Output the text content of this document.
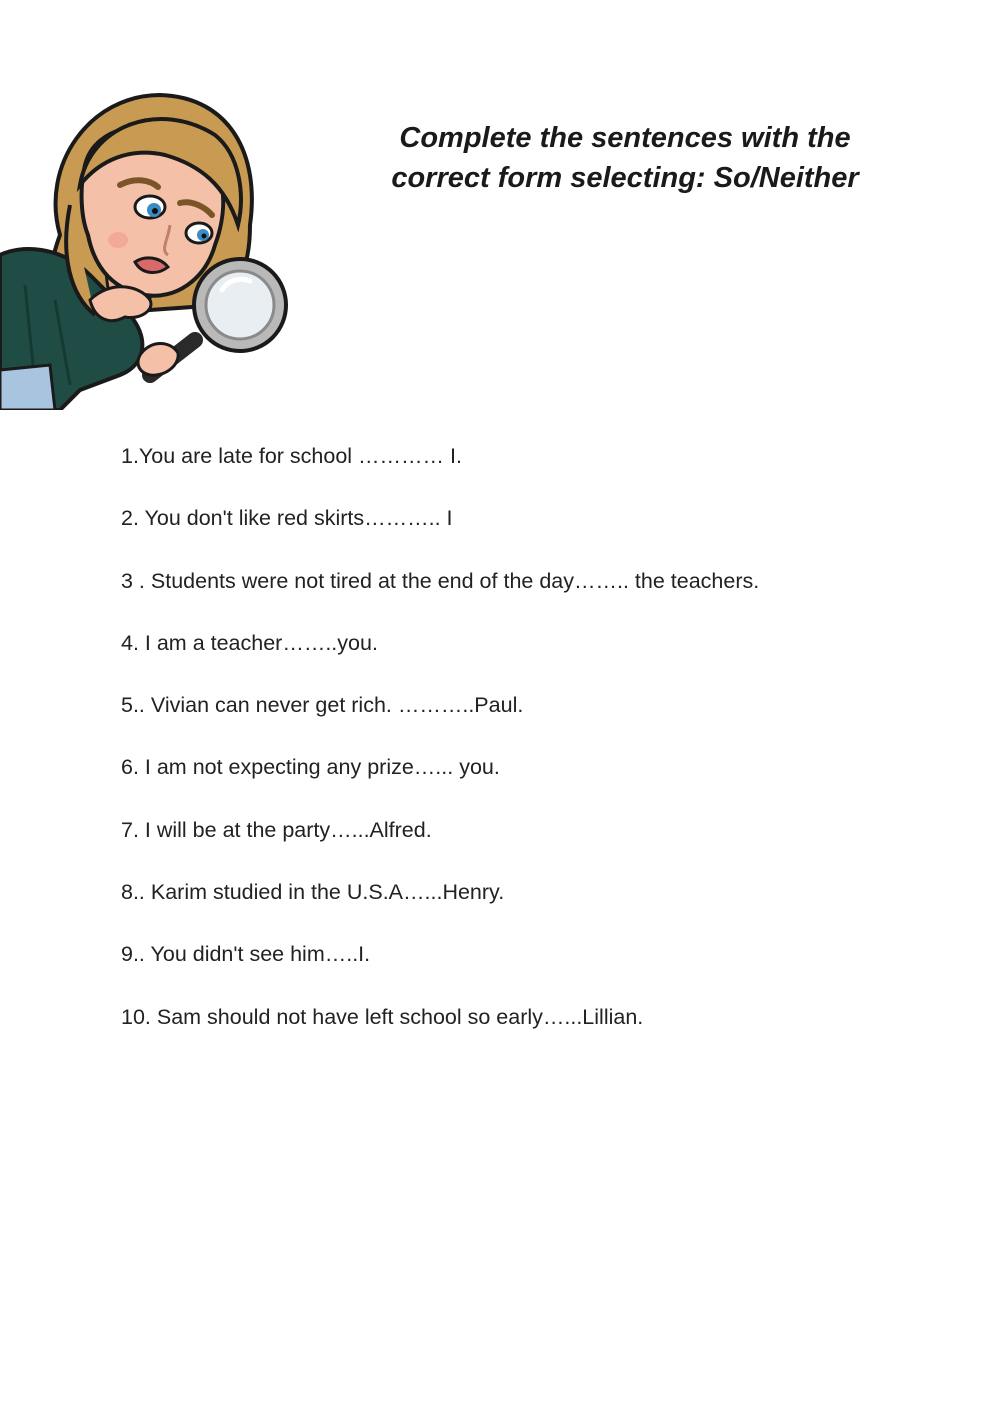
Complete the sentences with the
correct form selecting: So/Neither
1.You are late for school ………… I.
2. You don't like red skirts……….. I
3 . Students were not tired at the end of the day…….. the teachers.
4. I am a teacher……..you.
5.. Vivian can never get rich. ………..Paul.
6. I am not expecting any prize…... you.
7. I will be at the party…...Alfred.
8.. Karim studied in the U.S.A…...Henry.
9.. You didn't see him…..I.
10. Sam should not have left school so early…...Lillian.
